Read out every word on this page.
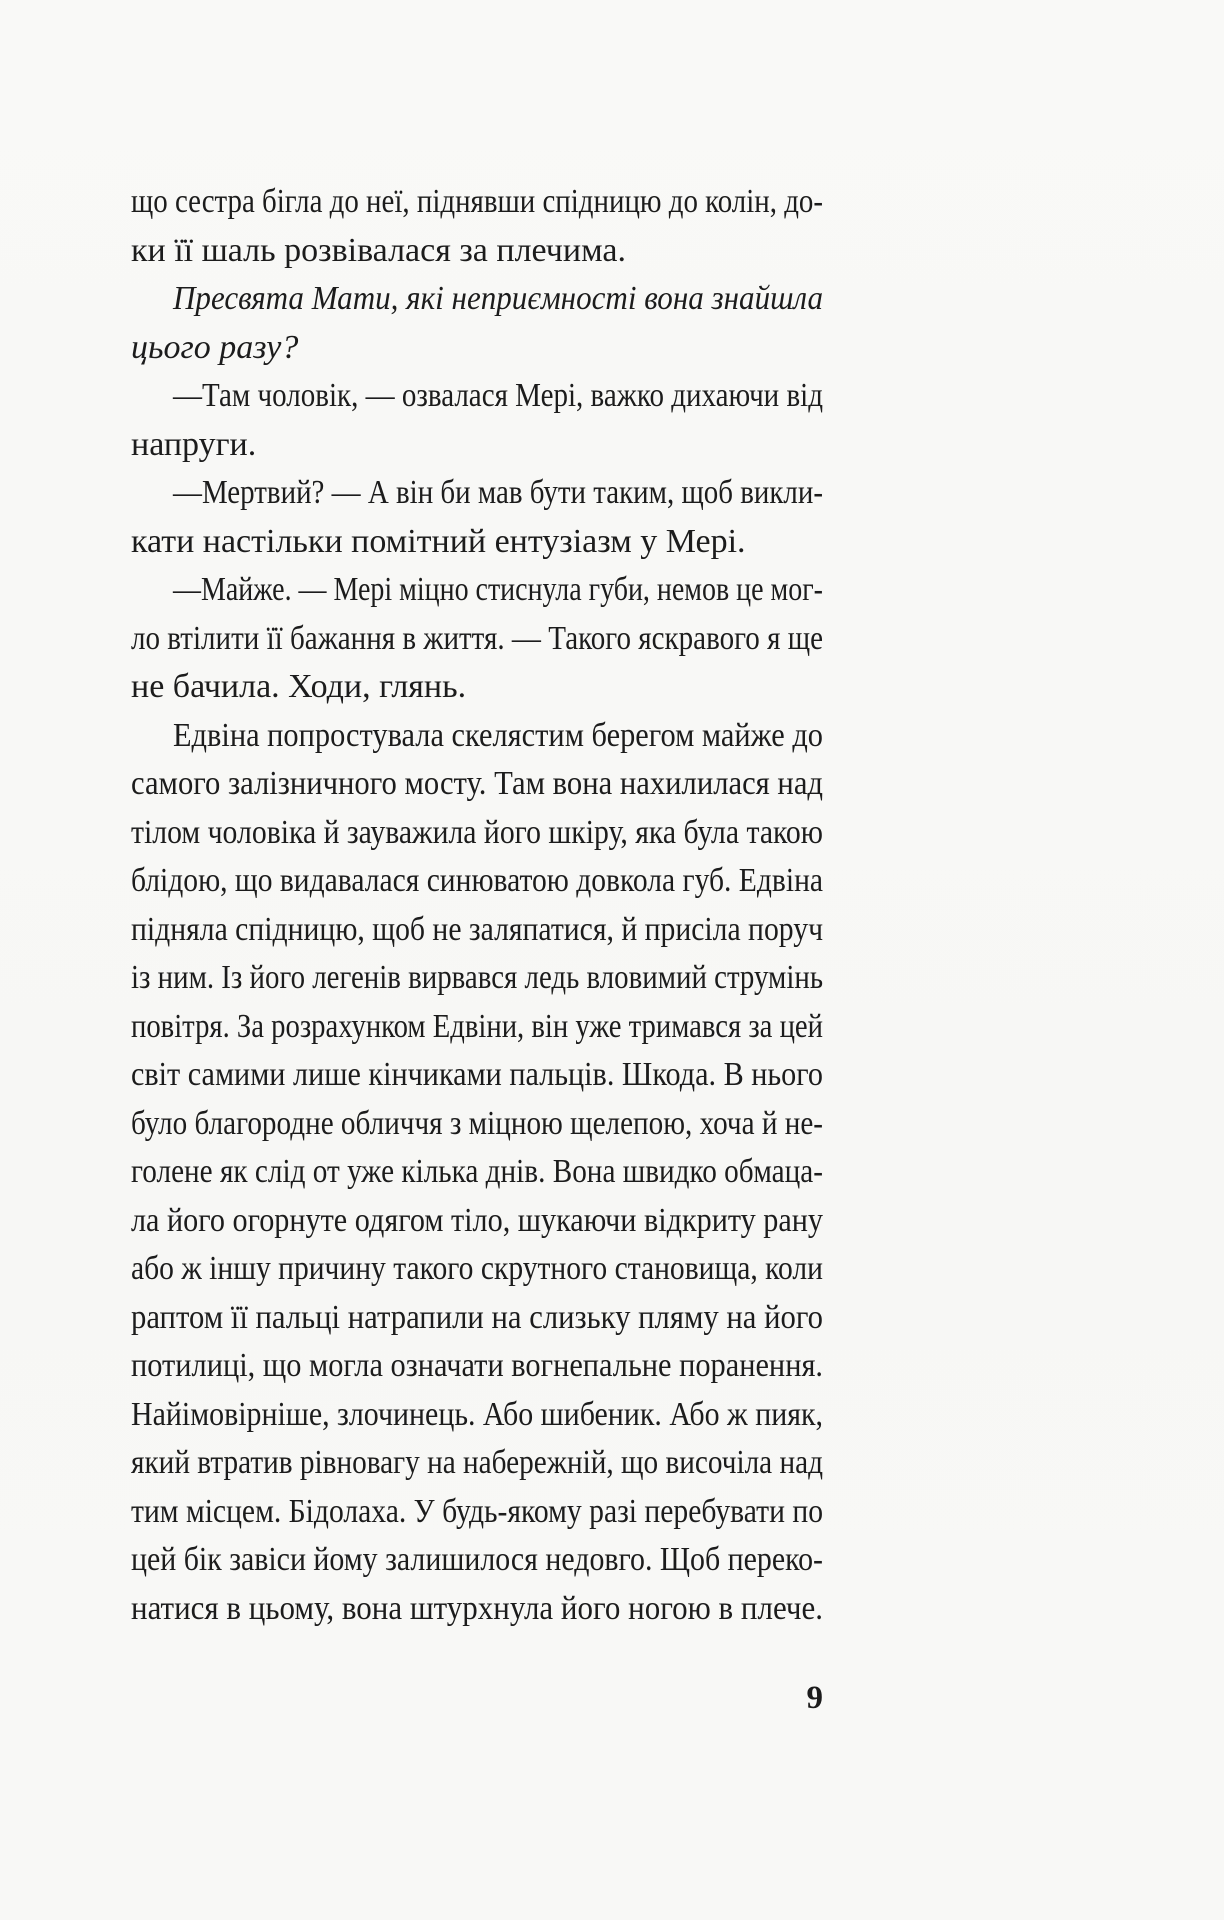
що сестра бігла до неї, піднявши спідницю до колін, до-
ки її шаль розвівалася за плечима.
Пресвята Мати, які неприємності вона знайшла
цього разу?
—Там чоловік, — озвалася Мері, важко дихаючи від
напруги.
—Мертвий? — А він би мав бути таким, щоб викли-
кати настільки помітний ентузіазм у Мері.
—Майже. — Мері міцно стиснула губи, немов це мог-
ло втілити її бажання в життя. — Такого яскравого я ще
не бачила. Ходи, глянь.
Едвіна попростувала скелястим берегом майже до
самого залізничного мосту. Там вона нахилилася над
тілом чоловіка й зауважила його шкіру, яка була такою
блідою, що видавалася синюватою довкола губ. Едвіна
підняла спідницю, щоб не заляпатися, й присіла поруч
із ним. Із його легенів вирвався ледь вловимий струмінь
повітря. За розрахунком Едвіни, він уже тримався за цей
світ самими лише кінчиками пальців. Шкода. В нього
було благородне обличчя з міцною щелепою, хоча й не-
голене як слід от уже кілька днів. Вона швидко обмаца-
ла його огорнуте одягом тіло, шукаючи відкриту рану
або ж іншу причину такого скрутного становища, коли
раптом її пальці натрапили на слизьку пляму на його
потилиці, що могла означати вогнепальне поранення.
Найімовірніше, злочинець. Або шибеник. Або ж пияк,
який втратив рівновагу на набережній, що височіла над
тим місцем. Бідолаха. У будь-якому разі перебувати по
цей бік завіси йому залишилося недовго. Щоб переко-
натися в цьому, вона штурхнула його ногою в плече.
9
